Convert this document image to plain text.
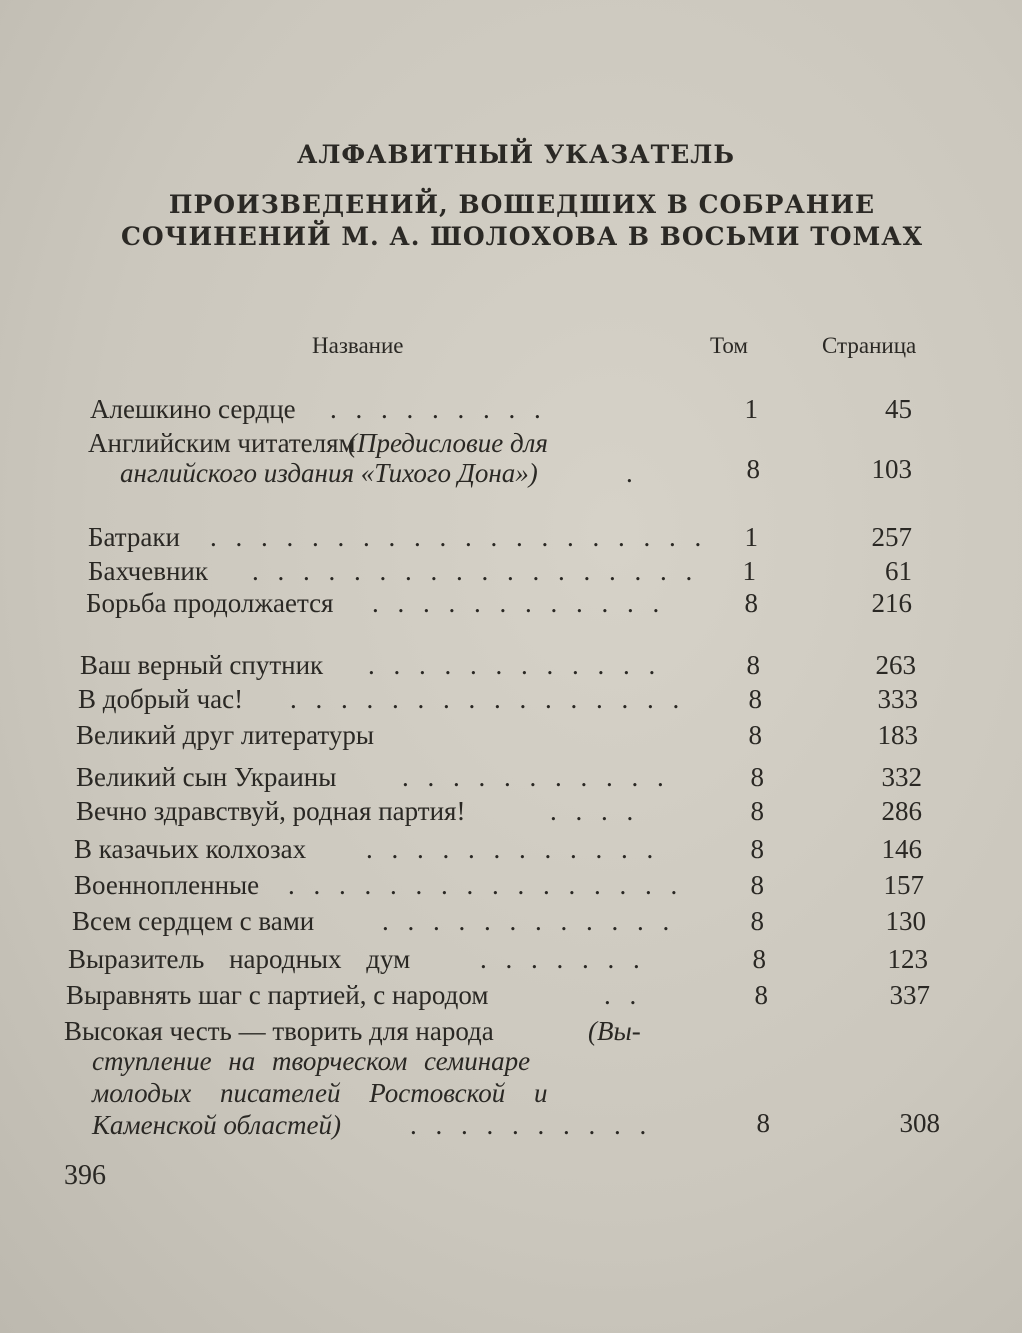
АЛФАВИТНЫЙ УКАЗАТЕЛЬ
ПРОИЗВЕДЕНИЙ, ВОШЕДШИХ В СОБРАНИЕ
СОЧИНЕНИЙ М. А. ШОЛОХОВА В ВОСЬМИ ТОМАХ
Название	Том	Страница
Алешкино сердце . . . . . . . . .	1	45
Английским читателям
(Предисловие для
английского издания «Тихого Дона»)	.	8	103
Батраки . . . . . . . . . . . . . . . . . . . .	1	257
Бахчевник . . . . . . . . . . . . . . . . . .	1	61
Борьба продолжается . . . . . . . . . . . .	8	216
Ваш верный спутник . . . . . . . . . . . .	8	263
В добрый час! . . . . . . . . . . . . . . . .	8	333
Великий друг литературы	8	183
Великий сын Украины . . . . . . . . . . .	8	332
Вечно здравствуй, родная партия!	. . . .	8	286
В казачьих колхозах . . . . . . . . . . . .	8	146
Военнопленные . . . . . . . . . . . . . . . .	8	157
Всем сердцем с вами	. . . . . . . . . . . .	8	130
Выразитель народных дум	. . . . . . .	8	123
Выравнять шаг с партией, с народом	. .	8	337
Высокая честь — творить для народа	(Вы-
ступление на творческом семинаре
молодых писателей Ростовской и
Каменской областей)	. . . . . . . . . .	8	308
396
